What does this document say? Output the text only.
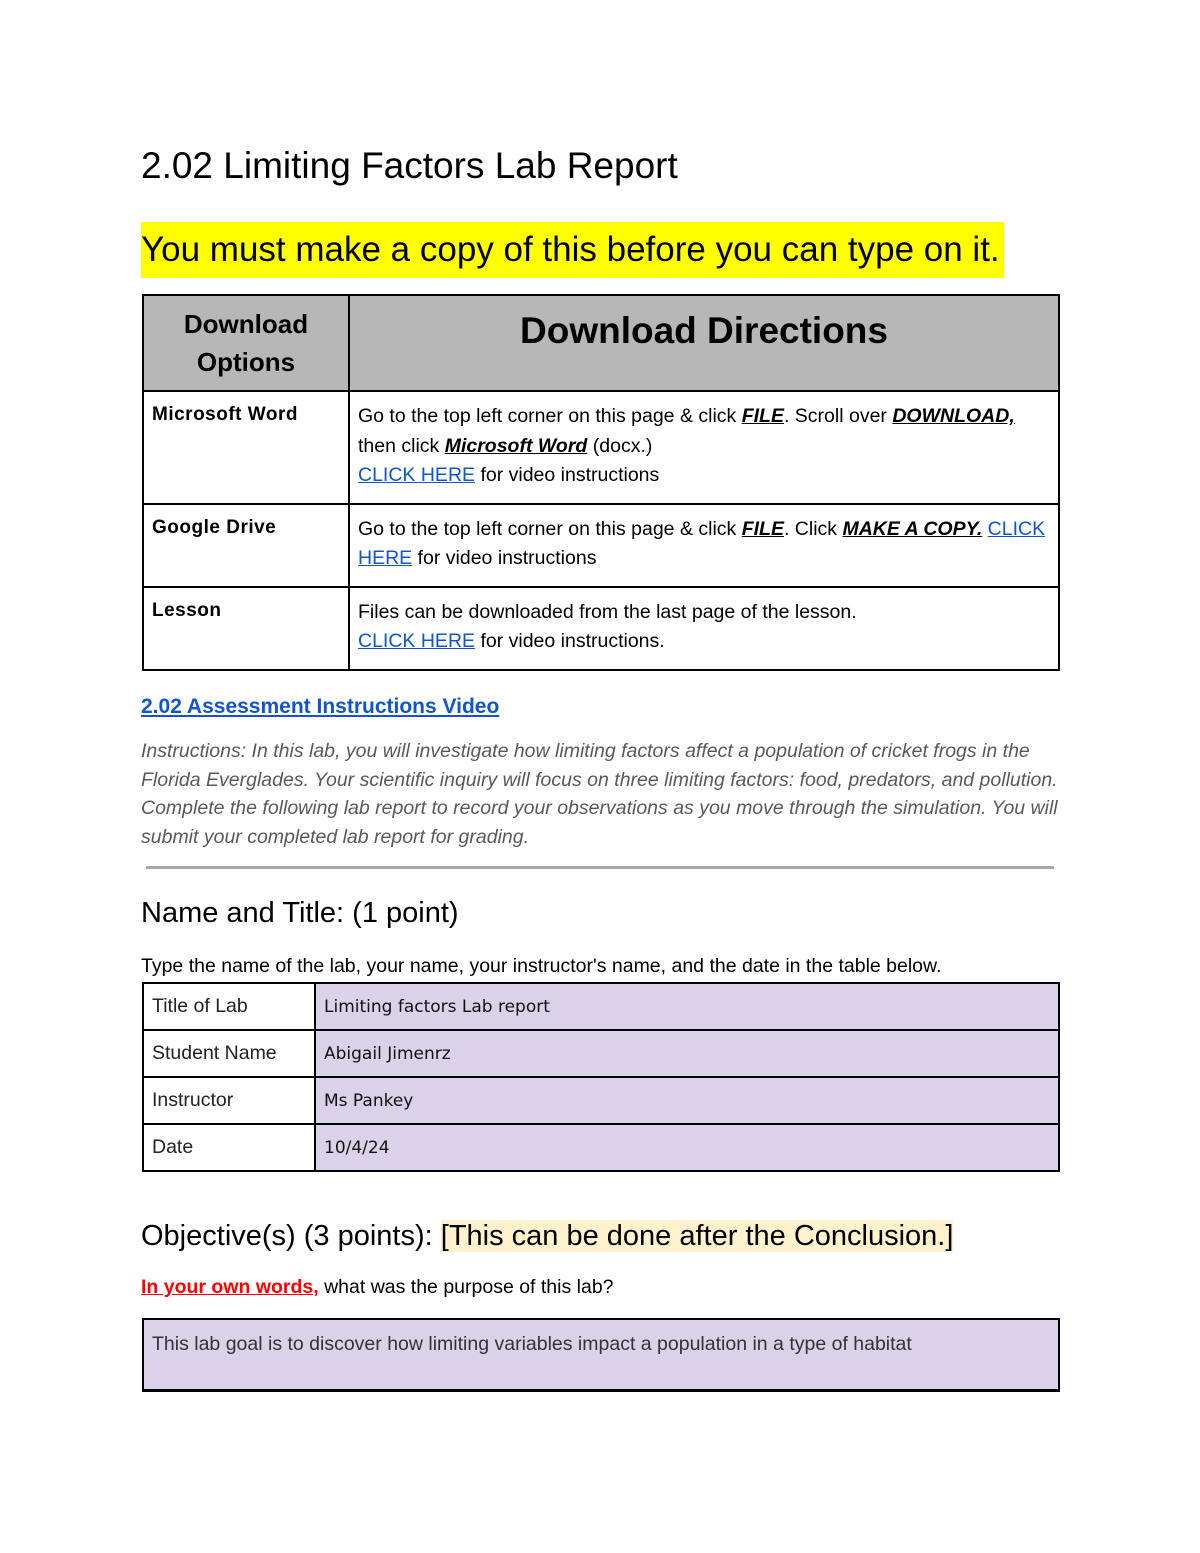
2.02 Limiting Factors Lab Report

You must make a copy of this before you can type on it.

Download Options	Download Directions
Microsoft Word	Go to the top left corner on this page & click FILE. Scroll over DOWNLOAD, then click Microsoft Word (docx.)
CLICK HERE for video instructions
Google Drive	Go to the top left corner on this page & click FILE. Click MAKE A COPY. CLICK HERE for video instructions
Lesson	Files can be downloaded from the last page of the lesson.
CLICK HERE for video instructions.

2.02 Assessment Instructions Video

Instructions: In this lab, you will investigate how limiting factors affect a population of cricket frogs in the Florida Everglades. Your scientific inquiry will focus on three limiting factors: food, predators, and pollution. Complete the following lab report to record your observations as you move through the simulation. You will submit your completed lab report for grading.

Name and Title: (1 point)

Type the name of the lab, your name, your instructor's name, and the date in the table below.

Title of Lab	Limiting factors Lab report
Student Name	Abigail Jimenrz
Instructor	Ms Pankey
Date	10/4/24
Objective(s) (3 points): [This can be done after the Conclusion.]

In your own words, what was the purpose of this lab?

This lab goal is to discover how limiting variables impact a population in a type of habitat
